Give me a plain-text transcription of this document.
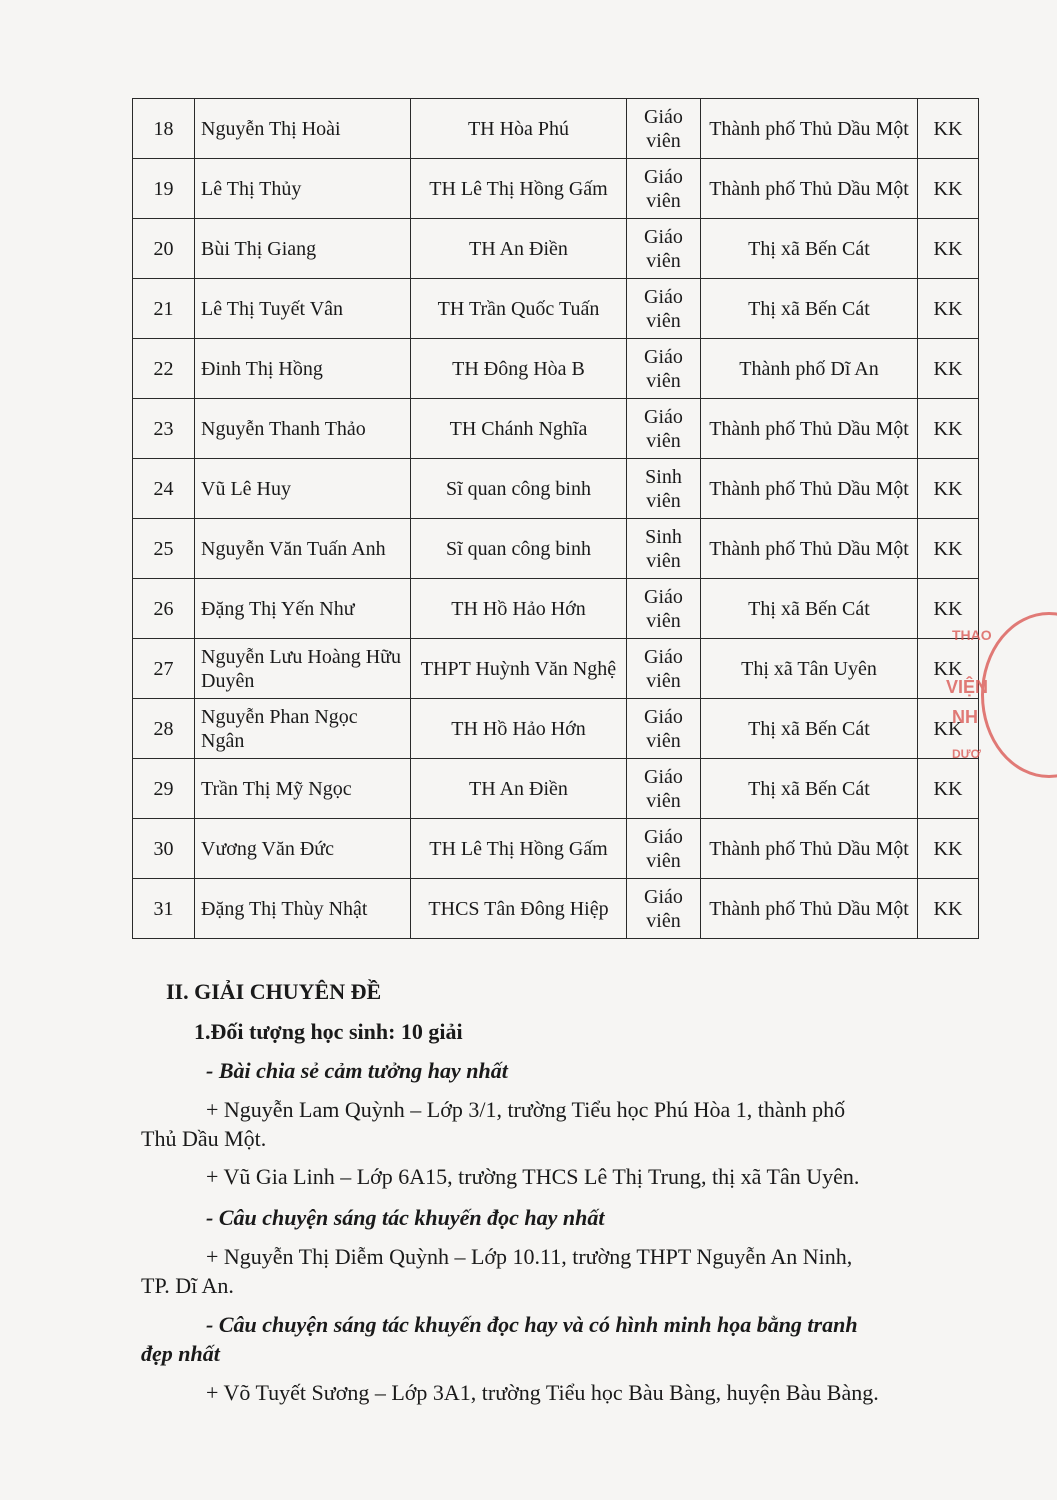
18	Nguyễn Thị Hoài	TH Hòa Phú	Giáo viên	Thành phố Thủ Dầu Một	KK
19	Lê Thị Thủy	TH Lê Thị Hồng Gấm	Giáo viên	Thành phố Thủ Dầu Một	KK
20	Bùi Thị Giang	TH An Điền	Giáo viên	Thị xã Bến Cát	KK
21	Lê Thị Tuyết Vân	TH Trần Quốc Tuấn	Giáo viên	Thị xã Bến Cát	KK
22	Đinh Thị Hồng	TH Đông Hòa B	Giáo viên	Thành phố Dĩ An	KK
23	Nguyễn Thanh Thảo	TH Chánh Nghĩa	Giáo viên	Thành phố Thủ Dầu Một	KK
24	Vũ Lê Huy	Sĩ quan công binh	Sinh viên	Thành phố Thủ Dầu Một	KK
25	Nguyễn Văn Tuấn Anh	Sĩ quan công binh	Sinh viên	Thành phố Thủ Dầu Một	KK
26	Đặng Thị Yến Như	TH Hồ Hảo Hớn	Giáo viên	Thị xã Bến Cát	KK
27	Nguyễn Lưu Hoàng Hữu Duyên	THPT Huỳnh Văn Nghệ	Giáo viên	Thị xã Tân Uyên	KK
28	Nguyễn Phan Ngọc Ngân	TH Hồ Hảo Hớn	Giáo viên	Thị xã Bến Cát	KK
29	Trần Thị Mỹ Ngọc	TH An Điền	Giáo viên	Thị xã Bến Cát	KK
30	Vương Văn Đức	TH Lê Thị Hồng Gấm	Giáo viên	Thành phố Thủ Dầu Một	KK
31	Đặng Thị Thùy Nhật	THCS Tân Đông Hiệp	Giáo viên	Thành phố Thủ Dầu Một	KK
II. GIẢI CHUYÊN ĐỀ
1.Đối tượng học sinh: 10 giải
- Bài chia sẻ cảm tưởng hay nhất
+ Nguyễn Lam Quỳnh – Lớp 3/1, trường Tiểu học Phú Hòa 1, thành phố
Thủ Dầu Một.
+ Vũ Gia Linh – Lớp 6A15, trường THCS Lê Thị Trung, thị xã Tân Uyên.
- Câu chuyện sáng tác khuyến đọc hay nhất
+ Nguyễn Thị Diễm Quỳnh – Lớp 10.11, trường THPT Nguyễn An Ninh,
TP. Dĩ An.
- Câu chuyện sáng tác khuyến đọc hay và có hình minh họa bằng tranh
đẹp nhất
+ Võ Tuyết Sương – Lớp 3A1, trường Tiểu học Bàu Bàng, huyện Bàu Bàng.
THAO
VIỆN
NH
DƯƠ
